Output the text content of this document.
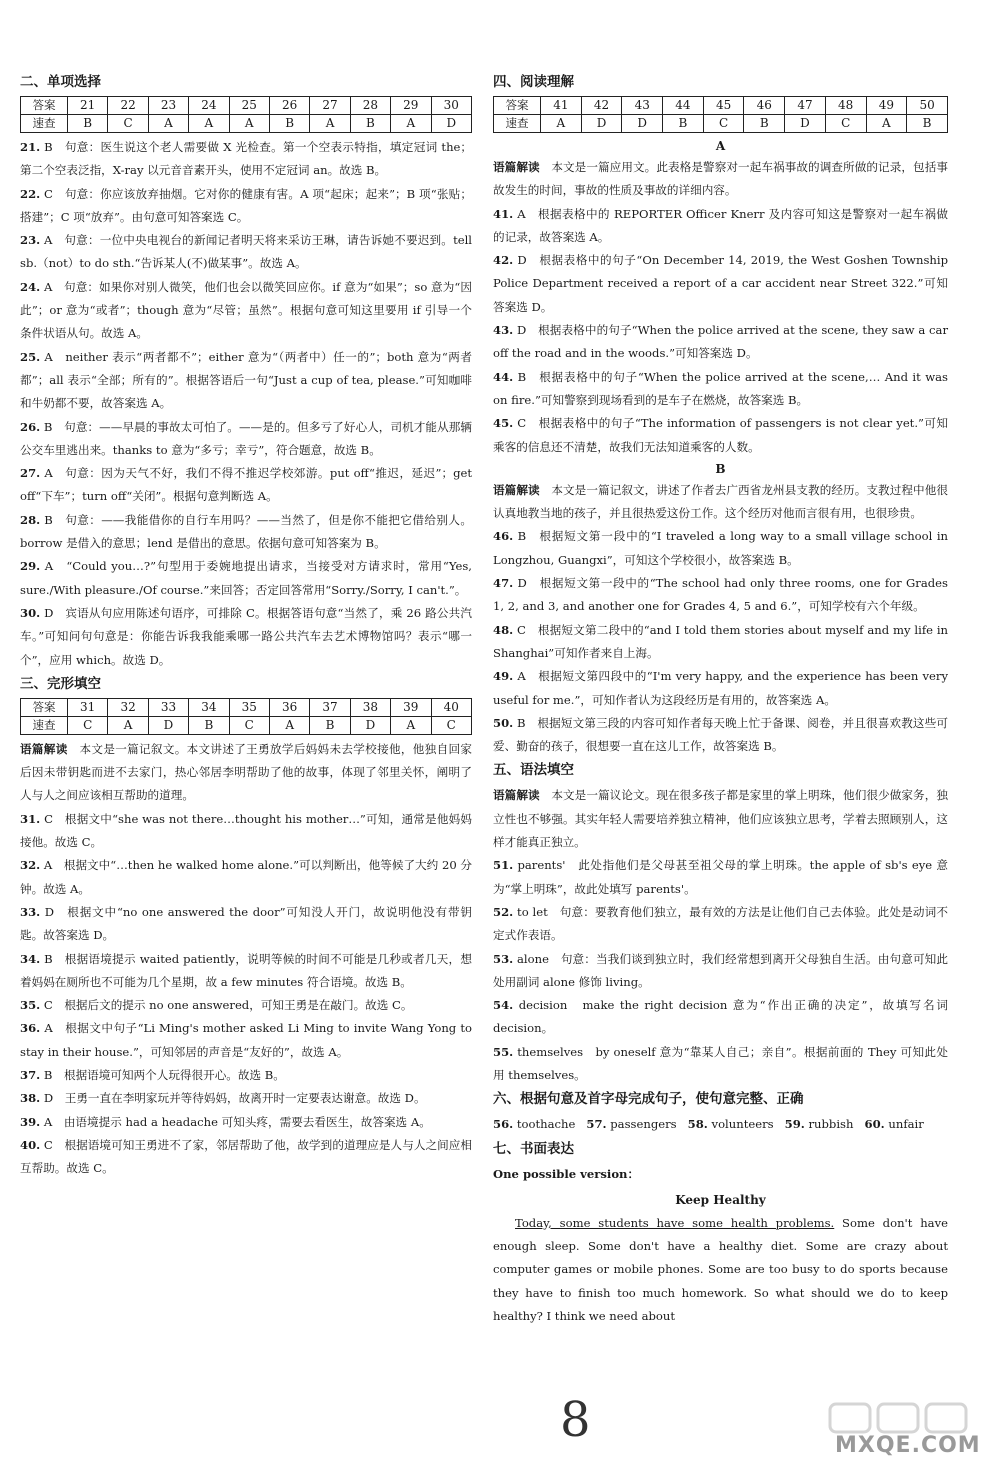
二、单项选择
答案	21	22	23	24	25	26	27	28	29	30
速查	B	C	A	A	A	B	A	B	A	D

21. B　句意：医生说这个老人需要做 X 光检查。第一个空表示特指，填定冠词 the；第二个空表泛指，X-ray 以元音音素开头，使用不定冠词 an。故选 B。

22. C　句意：你应该放弃抽烟。它对你的健康有害。A 项“起床；起来”；B 项“张贴；搭建”；C 项“放弃”。由句意可知答案选 C。

23. A　句意：一位中央电视台的新闻记者明天将来采访王琳，请告诉她不要迟到。tell sb.（not）to do sth.“告诉某人(不)做某事”。故选 A。

24. A　句意：如果你对别人微笑，他们也会以微笑回应你。if 意为“如果”；so 意为“因此”；or 意为“或者”；though 意为“尽管；虽然”。根据句意可知这里要用 if 引导一个条件状语从句。故选 A。

25. A　neither 表示“两者都不”；either 意为“（两者中）任一的”；both 意为“两者都”；all 表示“全部；所有的”。根据答语后一句“Just a cup of tea, please.”可知咖啡和牛奶都不要，故答案选 A。

26. B　句意：——早晨的事故太可怕了。——是的。但多亏了好心人，司机才能从那辆公交车里逃出来。thanks to 意为“多亏；幸亏”，符合题意，故选 B。

27. A　句意：因为天气不好，我们不得不推迟学校郊游。put off“推迟，延迟”；get off“下车”；turn off“关闭”。根据句意判断选 A。

28. B　句意：——我能借你的自行车用吗？——当然了，但是你不能把它借给别人。borrow 是借入的意思；lend 是借出的意思。依据句意可知答案为 B。

29. A　“Could you…?”句型用于委婉地提出请求，当接受对方请求时，常用“Yes, sure./With pleasure./Of course.”来回答；否定回答常用“Sorry./Sorry, I can't.”。

30. D　宾语从句应用陈述句语序，可排除 C。根据答语句意“当然了，乘 26 路公共汽车。”可知问句句意是：你能告诉我我能乘哪一路公共汽车去艺术博物馆吗？表示“哪一个”，应用 which。故选 D。

三、完形填空
答案	31	32	33	34	35	36	37	38	39	40
速查	C	A	D	B	C	A	B	D	A	C

语篇解读　本文是一篇记叙文。本文讲述了王勇放学后妈妈未去学校接他，他独自回家后因未带钥匙而进不去家门，热心邻居李明帮助了他的故事，体现了邻里关怀，阐明了人与人之间应该相互帮助的道理。

31. C　根据文中“she was not there…thought his mother…”可知，通常是他妈妈接他。故选 C。

32. A　根据文中“…then he walked home alone.”可以判断出，他等候了大约 20 分钟。故选 A。

33. D　根据文中“no one answered the door”可知没人开门，故说明他没有带钥匙。故答案选 D。

34. B　根据语境提示 waited patiently，说明等候的时间不可能是几秒或者几天，想着妈妈在厕所也不可能为几个星期，故 a few minutes 符合语境。故选 B。

35. C　根据后文的提示 no one answered，可知王勇是在敲门。故选 C。

36. A　根据文中句子“Li Ming's mother asked Li Ming to invite Wang Yong to stay in their house.”，可知邻居的声音是“友好的”，故选 A。

37. B　根据语境可知两个人玩得很开心。故选 B。

38. D　王勇一直在李明家玩并等待妈妈，故离开时一定要表达谢意。故选 D。

39. A　由语境提示 had a headache 可知头疼，需要去看医生，故答案选 A。

40. C　根据语境可知王勇进不了家，邻居帮助了他，故学到的道理应是人与人之间应相互帮助。故选 C。

四、阅读理解
答案	41	42	43	44	45	46	47	48	49	50
速查	A	D	D	B	C	B	D	C	A	B

A

语篇解读　本文是一篇应用文。此表格是警察对一起车祸事故的调查所做的记录，包括事故发生的时间，事故的性质及事故的详细内容。

41. A　根据表格中的 REPORTER Officer Knerr 及内容可知这是警察对一起车祸做的记录，故答案选 A。

42. D　根据表格中的句子“On December 14, 2019, the West Goshen Township Police Department received a report of a car accident near Street 322.”可知答案选 D。

43. D　根据表格中的句子“When the police arrived at the scene, they saw a car off the road and in the woods.”可知答案选 D。

44. B　根据表格中的句子“When the police arrived at the scene,… And it was on fire.”可知警察到现场看到的是车子在燃烧，故答案选 B。

45. C　根据表格中的句子“The information of passengers is not clear yet.”可知乘客的信息还不清楚，故我们无法知道乘客的人数。

B

语篇解读　本文是一篇记叙文，讲述了作者去广西省龙州县支教的经历。支教过程中他很认真地教当地的孩子，并且很热爱这份工作。这个经历对他而言很有用，也很珍贵。

46. B　根据短文第一段中的“I traveled a long way to a small village school in Longzhou, Guangxi”，可知这个学校很小，故答案选 B。

47. D　根据短文第一段中的“The school had only three rooms, one for Grades 1, 2, and 3, and another one for Grades 4, 5 and 6.”，可知学校有六个年级。

48. C　根据短文第二段中的“and I told them stories about myself and my life in Shanghai”可知作者来自上海。

49. A　根据短文第四段中的“I'm very happy, and the experience has been very useful for me.”，可知作者认为这段经历是有用的，故答案选 A。

50. B　根据短文第三段的内容可知作者每天晚上忙于备课、阅卷，并且很喜欢教这些可爱、勤奋的孩子，很想要一直在这儿工作，故答案选 B。

五、语法填空

语篇解读　本文是一篇议论文。现在很多孩子都是家里的掌上明珠，他们很少做家务，独立性也不够强。其实年轻人需要培养独立精神，他们应该独立思考，学着去照顾别人，这样才能真正独立。

51. parents'　此处指他们是父母甚至祖父母的掌上明珠。the apple of sb's eye 意为“掌上明珠”，故此处填写 parents'。

52. to let　句意：要教育他们独立，最有效的方法是让他们自己去体验。此处是动词不定式作表语。

53. alone　句意：当我们谈到独立时，我们经常想到离开父母独自生活。由句意可知此处用副词 alone 修饰 living。

54. decision　make the right decision 意为“作出正确的决定”，故填写名词 decision。

55. themselves　by oneself 意为“靠某人自己；亲自”。根据前面的 They 可知此处用 themselves。

六、根据句意及首字母完成句子，使句意完整、正确

56. toothache 57. passengers 58. volunteers 59. rubbish 60. unfair

七、书面表达

One possible version：

Keep Healthy

Today, some students have some health problems. Some don't have enough sleep. Some don't have a healthy diet. Some are crazy about computer games or mobile phones. Some are too busy to do sports because they have to finish too much homework. So what should we do to keep healthy? I think we need about

8	MXQE.COM
